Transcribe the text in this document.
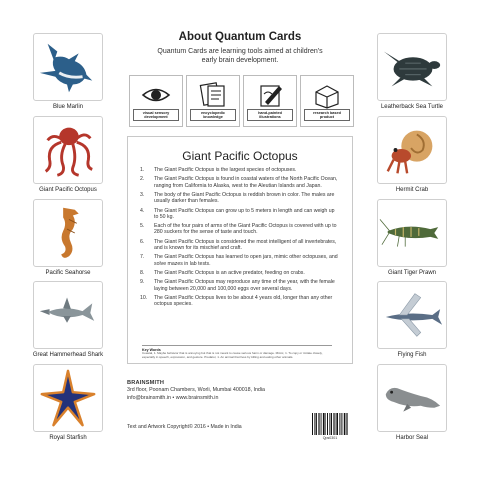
Blue Marlin
Giant Pacific Octopus
Pacific Seahorse
Great Hammerhead Shark
Royal Starfish
Leatherback Sea Turtle
Hermit Crab
Giant Tiger Prawn
Flying Fish
Harbor Seal
About Quantum Cards
Quantum Cards are learning tools aimed at children's early brain development.
visual sensory development
encyclopedic knowledge
hand-painted illustrations
research based product
Giant Pacific Octopus
1. The Giant Pacific Octopus is the largest species of octopuses.
2. The Giant Pacific Octopus is found in coastal waters of the North Pacific Ocean, ranging from California to Alaska, west to the Aleutian Islands and Japan.
3. The body of the Giant Pacific Octopus is reddish brown in color. The males are usually darker than females.
4. The Giant Pacific Octopus can grow up to 5 meters in length and can weigh up to 50 kg.
5. Each of the four pairs of arms of the Giant Pacific Octopus is covered with up to 280 suckers for the sense of taste and touch.
6. The Giant Pacific Octopus is considered the most intelligent of all invertebrates, and is known for its mischief and craft.
7. The Giant Pacific Octopus has learned to open jars, mimic other octopuses, and solve mazes in lab tests.
8. The Giant Pacific Octopus is an active predator, feeding on crabs.
9. The Giant Pacific Octopus may reproduce any time of the year, with the female laying between 20,000 and 100,000 eggs over several days.
10. The Giant Pacific Octopus lives to be about 4 years old, longer than any other octopus species.
Key Words
Coastal, 1. Maybe behavior that is annoying but that is not meant to cause serious harm or damage. Mimic, 1. To copy or imitate closely, especially in speech, expression, and gesture. Predator, 1. An animal that lives by killing and eating other animals.
BRAINSMITH
3rd floor, Poonam Chambers, Worli, Mumbai 400018, India
info@brainsmith.in • www.brainsmith.in
Text and Artwork Copyright© 2016 • Made in India
Qps0301
